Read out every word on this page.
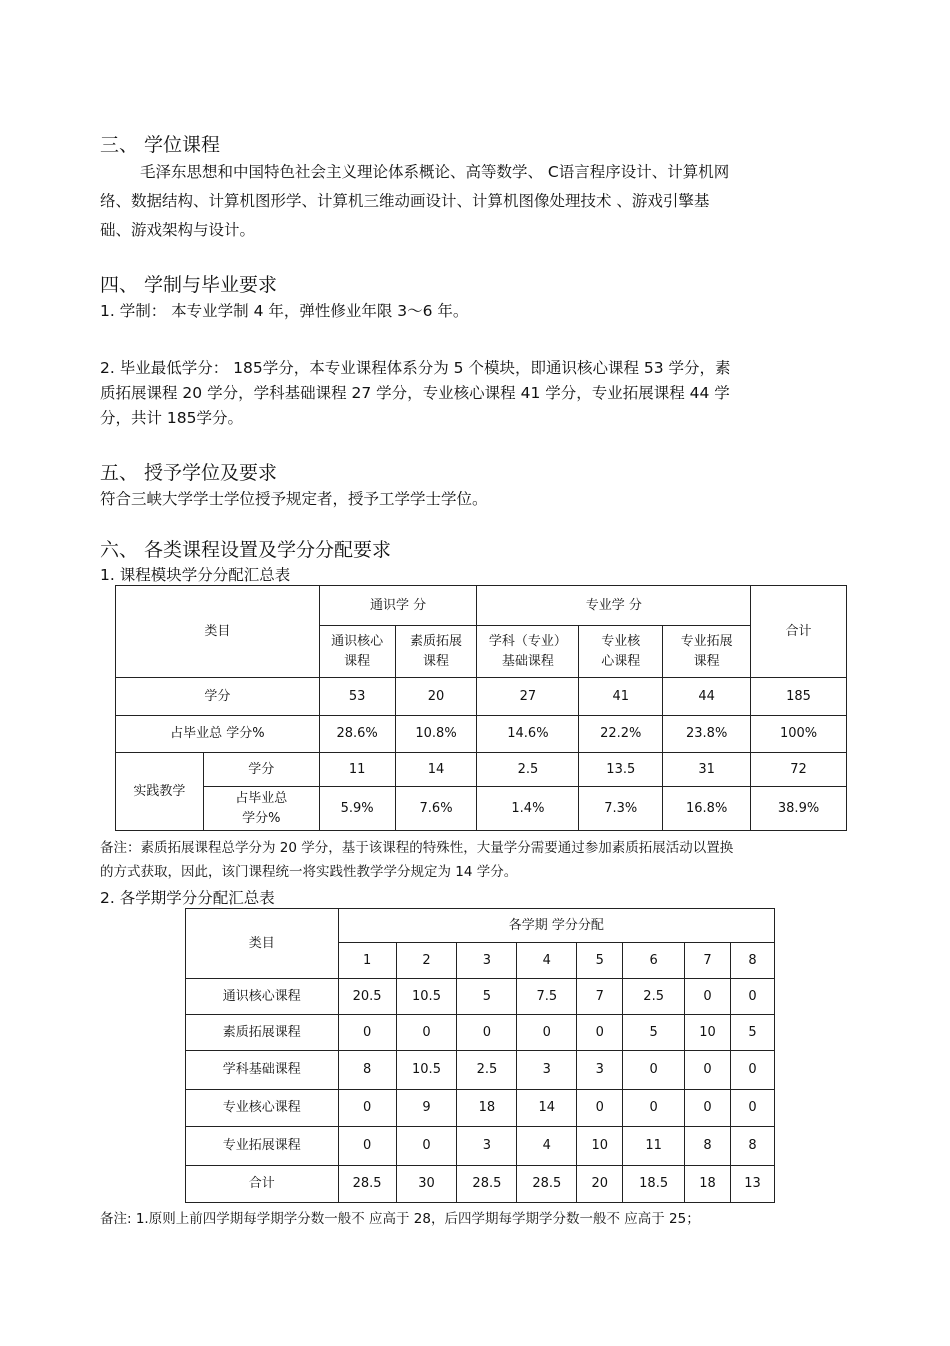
三、 学位课程
毛泽东思想和中国特色社会主义理论体系概论、高等数学、 C语言程序设计、计算机网
络、数据结构、计算机图形学、计算机三维动画设计、计算机图像处理技术 、游戏引擎基
础、游戏架构与设计。
四、 学制与毕业要求
1. 学制： 本专业学制 4 年，弹性修业年限 3～6 年。
2. 毕业最低学分： 185学分，本专业课程体系分为 5 个模块，即通识核心课程 53 学分，素
质拓展课程 20 学分，学科基础课程 27 学分，专业核心课程 41 学分，专业拓展课程 44 学
分，共计 185学分。
五、 授予学位及要求
符合三峡大学学士学位授予规定者，授予工学学士学位。
六、 各类课程设置及学分分配要求
1. 课程模块学分分配汇总表
类目		通识学 分		专业学 分			合计
		通识核心课程	素质拓展课程	学科（专业）基础课程	专业核心课程	专业拓展课程	
学分		53	20	27	41	44	185
占毕业总 学分%		28.6%	10.8%	14.6%	22.2%	23.8%	100%
实践教学	学分	11	14	2.5	13.5	31	72
	占毕业总学分%	5.9%	7.6%	1.4%	7.3%	16.8%	38.9%
备注：素质拓展课程总学分为 20 学分，基于该课程的特殊性，大量学分需要通过参加素质拓展活动以置换
的方式获取，因此，该门课程统一将实践性教学学分规定为 14 学分。
2. 各学期学分分配汇总表
类目	各学期 学分分配							
	1	2	3	4	5	6	7	8
通识核心课程	20.5	10.5	5	7.5	7	2.5	0	0
素质拓展课程	0	0	0	0	0	5	10	5
学科基础课程	8	10.5	2.5	3	3	0	0	0
专业核心课程	0	9	18	14	0	0	0	0
专业拓展课程	0	0	3	4	10	11	8	8
合计	28.5	30	28.5	28.5	20	18.5	18	13
备注: 1.原则上前四学期每学期学分数一般不 应高于 28，后四学期每学期学分数一般不 应高于 25；
